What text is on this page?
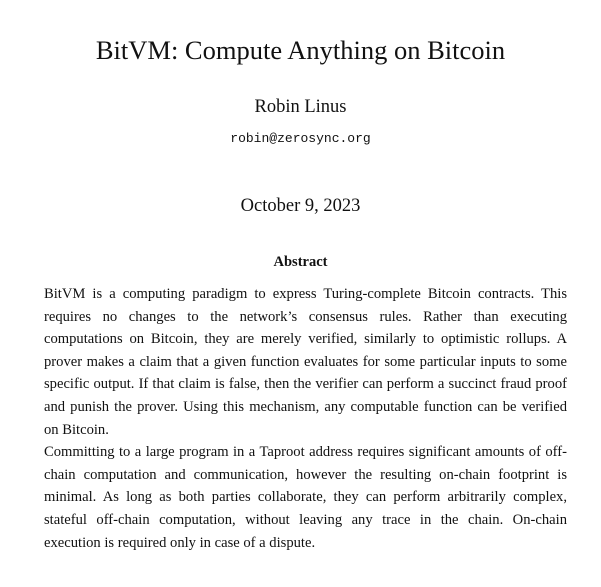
BitVM: Compute Anything on Bitcoin
Robin Linus
robin@zerosync.org
October 9, 2023
Abstract

BitVM is a computing paradigm to express Turing-complete Bitcoin contracts. This requires no changes to the network’s consensus rules. Rather than executing computations on Bitcoin, they are merely verified, similarly to optimistic rollups. A prover makes a claim that a given function evaluates for some particular inputs to some specific output. If that claim is false, then the verifier can perform a succinct fraud proof and punish the prover. Using this mechanism, any computable function can be verified on Bitcoin.

Committing to a large program in a Taproot address requires significant amounts of off-chain computation and communication, however the resulting on-chain footprint is minimal. As long as both parties collaborate, they can perform arbitrarily complex, stateful off-chain computation, without leaving any trace in the chain. On-chain execution is required only in case of a dispute.
